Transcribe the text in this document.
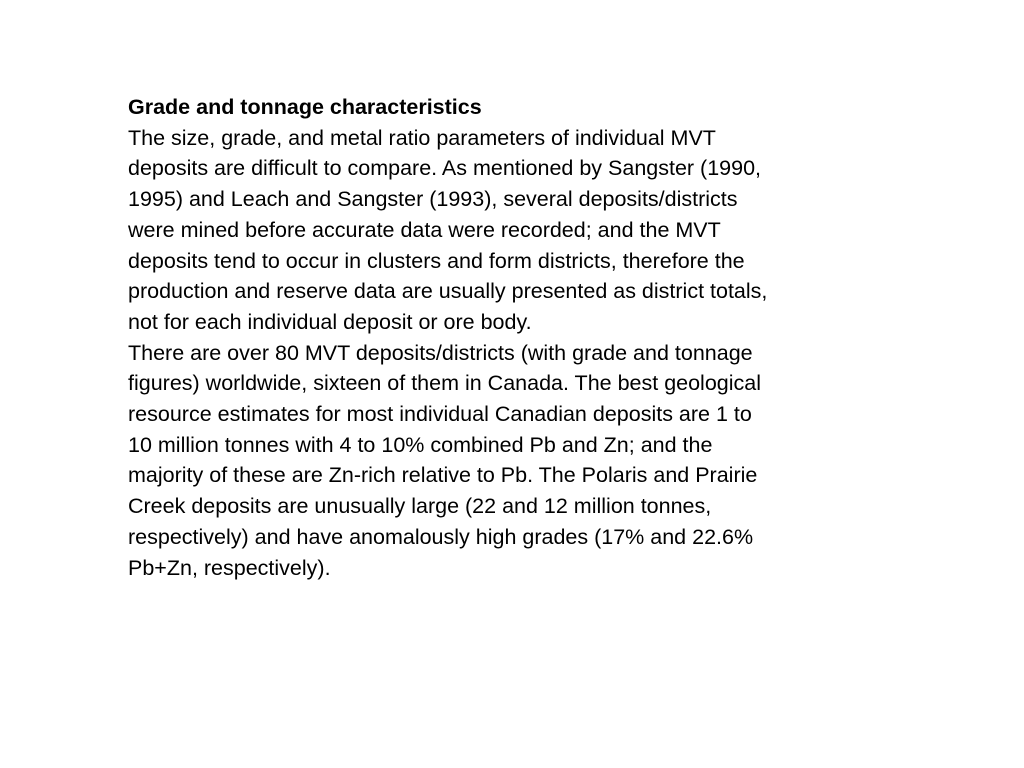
Grade and tonnage characteristics
The size, grade, and metal ratio parameters of individual MVT
deposits are difficult to compare. As mentioned by Sangster (1990,
1995) and Leach and Sangster (1993), several deposits/districts
were mined before accurate data were recorded; and the MVT
deposits tend to occur in clusters and form districts, therefore the
production and reserve data are usually presented as district totals,
not for each individual deposit or ore body.
There are over 80 MVT deposits/districts (with grade and tonnage
figures) worldwide, sixteen of them in Canada. The best geological
resource estimates for most individual Canadian deposits are 1 to
10 million tonnes with 4 to 10% combined Pb and Zn; and the
majority of these are Zn-rich relative to Pb. The Polaris and Prairie
Creek deposits are unusually large (22 and 12 million tonnes,
respectively) and have anomalously high grades (17% and 22.6%
Pb+Zn, respectively).
